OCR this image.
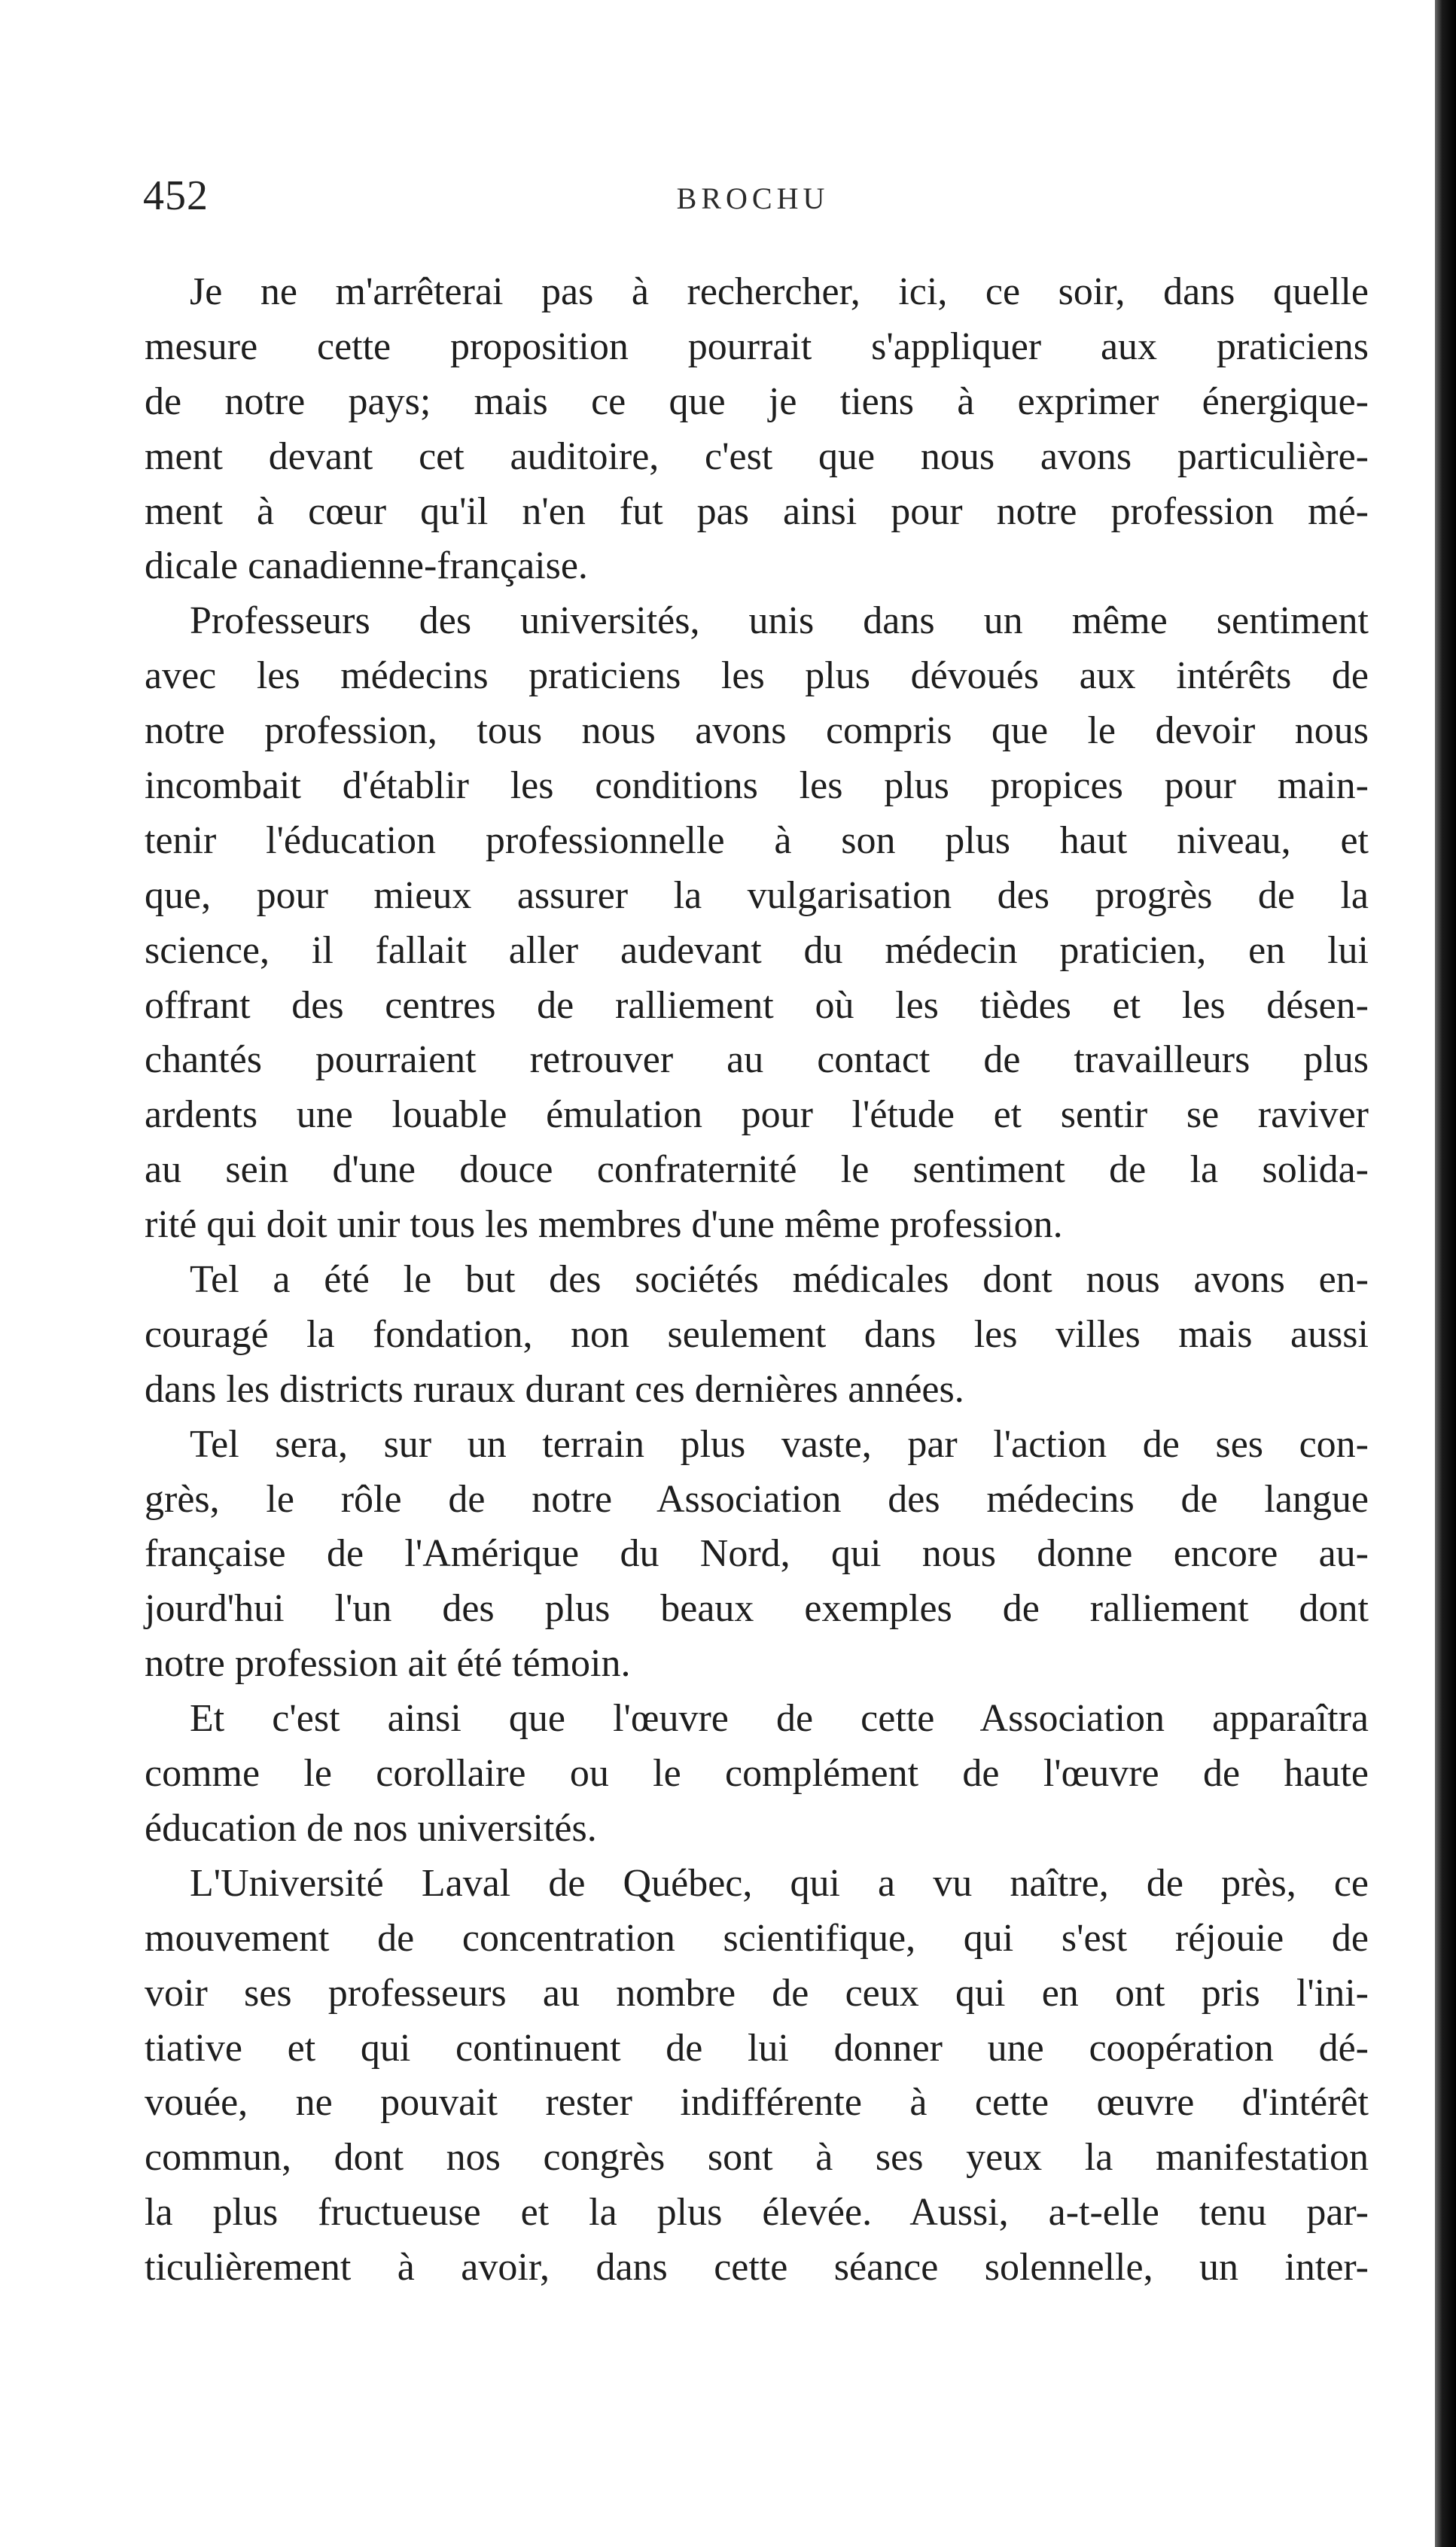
452	BROCHU
Je ne m'arrêterai pas à rechercher, ici, ce soir, dans quelle
mesure cette proposition pourrait s'appliquer aux praticiens
de notre pays; mais ce que je tiens à exprimer énergique-
ment devant cet auditoire, c'est que nous avons particulière-
ment à cœur qu'il n'en fut pas ainsi pour notre profession mé-
dicale canadienne-française.
Professeurs des universités, unis dans un même sentiment
avec les médecins praticiens les plus dévoués aux intérêts de
notre profession, tous nous avons compris que le devoir nous
incombait d'établir les conditions les plus propices pour main-
tenir l'éducation professionnelle à son plus haut niveau, et
que, pour mieux assurer la vulgarisation des progrès de la
science, il fallait aller audevant du médecin praticien, en lui
offrant des centres de ralliement où les tièdes et les désen-
chantés pourraient retrouver au contact de travailleurs plus
ardents une louable émulation pour l'étude et sentir se raviver
au sein d'une douce confraternité le sentiment de la solida-
rité qui doit unir tous les membres d'une même profession.
Tel a été le but des sociétés médicales dont nous avons en-
couragé la fondation, non seulement dans les villes mais aussi
dans les districts ruraux durant ces dernières années.
Tel sera, sur un terrain plus vaste, par l'action de ses con-
grès, le rôle de notre Association des médecins de langue
française de l'Amérique du Nord, qui nous donne encore au-
jourd'hui l'un des plus beaux exemples de ralliement dont
notre profession ait été témoin.
Et c'est ainsi que l'œuvre de cette Association apparaîtra
comme le corollaire ou le complément de l'œuvre de haute
éducation de nos universités.
L'Université Laval de Québec, qui a vu naître, de près, ce
mouvement de concentration scientifique, qui s'est réjouie de
voir ses professeurs au nombre de ceux qui en ont pris l'ini-
tiative et qui continuent de lui donner une coopération dé-
vouée, ne pouvait rester indifférente à cette œuvre d'intérêt
commun, dont nos congrès sont à ses yeux la manifestation
la plus fructueuse et la plus élevée. Aussi, a-t-elle tenu par-
ticulièrement à avoir, dans cette séance solennelle, un inter-
